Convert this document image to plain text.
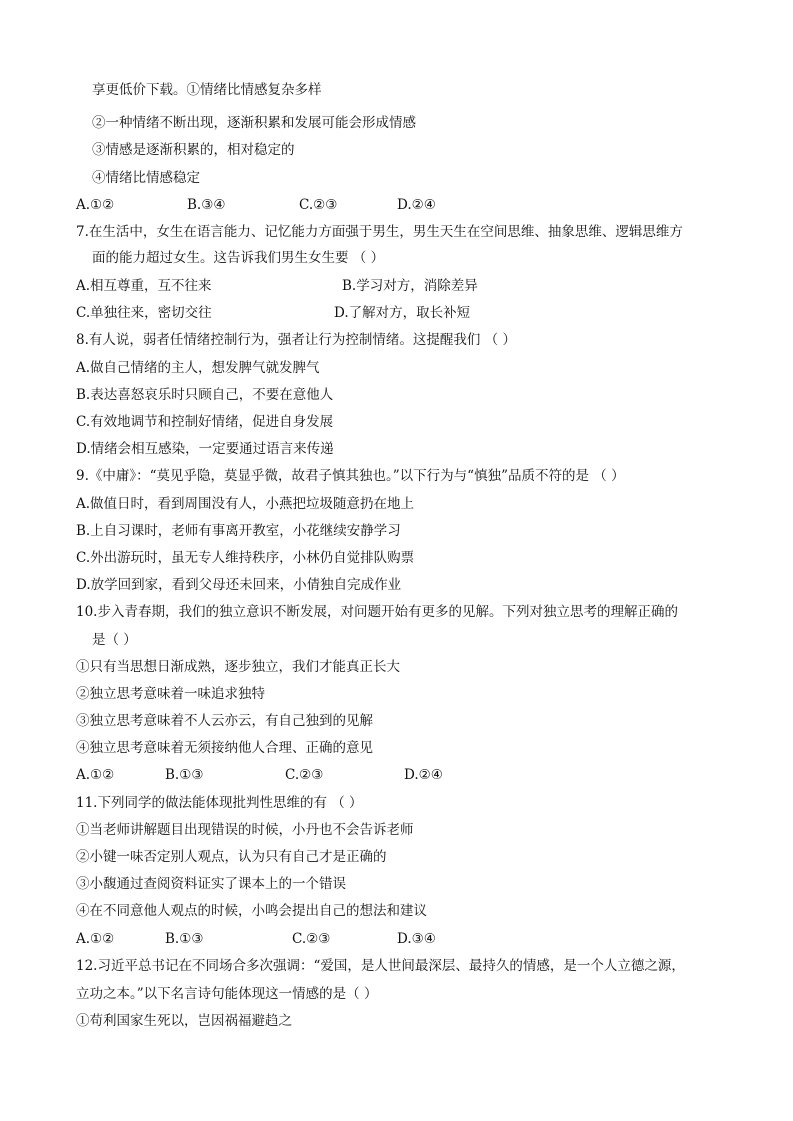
享更低价下载。①情绪比情感复杂多样
②一种情绪不断出现，逐渐积累和发展可能会形成情感
③情感是逐渐积累的，相对稳定的
④情绪比情感稳定
A.①②	B.③④	C.②③	D.②④
7.在生活中，女生在语言能力、记忆能力方面强于男生，男生天生在空间思维、抽象思维、逻辑思维方
面的能力超过女生。这告诉我们男生女生要 （ ）
A.相互尊重，互不往来	B.学习对方，消除差异
C.单独往来，密切交往	D.了解对方，取长补短
8.有人说，弱者任情绪控制行为，强者让行为控制情绪。这提醒我们 （ ）
A.做自己情绪的主人，想发脾气就发脾气
B.表达喜怒哀乐时只顾自己，不要在意他人
C.有效地调节和控制好情绪，促进自身发展
D.情绪会相互感染，一定要通过语言来传递
9.《中庸》：“莫见乎隐，莫显乎微，故君子慎其独也。”以下行为与“慎独”品质不符的是 （ ）
A.做值日时，看到周围没有人，小燕把垃圾随意扔在地上
B.上自习课时，老师有事离开教室，小花继续安静学习
C.外出游玩时，虽无专人维持秩序，小林仍自觉排队购票
D.放学回到家，看到父母还未回来，小倩独自完成作业
10.步入青春期，我们的独立意识不断发展，对问题开始有更多的见解。下列对独立思考的理解正确的
是（ ）
①只有当思想日渐成熟，逐步独立，我们才能真正长大
②独立思考意味着一味追求独特
③独立思考意味着不人云亦云，有自己独到的见解
④独立思考意味着无须接纳他人合理、正确的意见
A.①②	B.①③	C.②③	D.②④
11.下列同学的做法能体现批判性思维的有 （ ）
①当老师讲解题目出现错误的时候，小丹也不会告诉老师
②小键一味否定别人观点，认为只有自己才是正确的
③小馥通过查阅资料证实了课本上的一个错误
④在不同意他人观点的时候，小鸣会提出自己的想法和建议
A.①②	B.①③	C.②③	D.③④
12.习近平总书记在不同场合多次强调：“爱国，是人世间最深层、最持久的情感，是一个人立德之源，
立功之本。”以下名言诗句能体现这一情感的是（ ）
①苟利国家生死以，岂因祸福避趋之
